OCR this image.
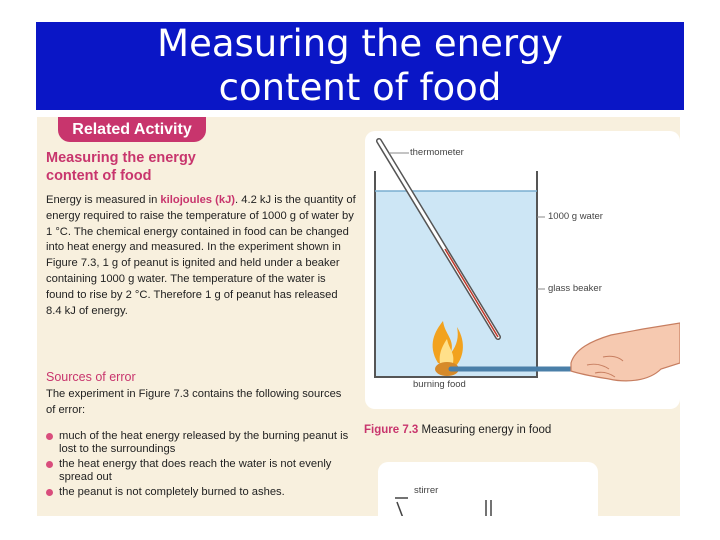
Measuring the energy
content of food
Related Activity
Measuring the energy
content of food
Energy is measured in kilojoules (kJ). 4.2 kJ is the quantity of energy required to raise the temperature of 1000 g of water by 1 °C. The chemical energy contained in food can be changed into heat energy and measured. In the experiment shown in Figure 7.3, 1 g of peanut is ignited and held under a beaker containing 1000 g water. The temperature of the water is found to rise by 2 °C. Therefore 1 g of peanut has released 8.4 kJ of energy.
Sources of error
The experiment in Figure 7.3 contains the following sources of error:
much of the heat energy released by the burning peanut is lost to the surroundings
the heat energy that does reach the water is not evenly spread out
the peanut is not completely burned to ashes.
thermometer
1000 g water
glass beaker
burning food
Figure 7.3 Measuring energy in food
stirrer
